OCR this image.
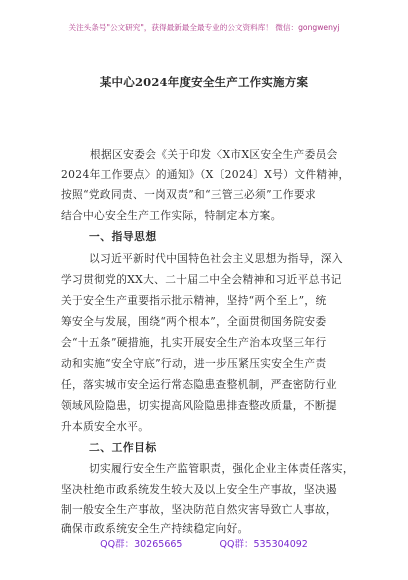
关注头条号"公文研究"，获得最新最全最专业的公文资料库！ 微信：gongwenyj
某中心2024年度安全生产工作实施方案
根据区安委会《关于印发〈X市X区安全生产委员会
2024年工作要点〉的通知》（X〔2024〕X号）文件精神，
按照“党政同责、一岗双责”和“三管三必须”工作要求
结合中心安全生产工作实际，特制定本方案。
一、指导思想
以习近平新时代中国特色社会主义思想为指导，深入
学习贯彻党的XX大、二十届二中全会精神和习近平总书记
关于安全生产重要指示批示精神，坚持“两个至上”，统
筹安全与发展，围绕“两个根本”，全面贯彻国务院安委
会“十五条”硬措施，扎实开展安全生产治本攻坚三年行
动和实施“安全守底”行动，进一步压紧压实安全生产责
任，落实城市安全运行常态隐患查整机制，严查密防行业
领域风险隐患，切实提高风险隐患排查整改质量，不断提
升本质安全水平。
二、工作目标
切实履行安全生产监管职责，强化企业主体责任落实，
坚决杜绝市政系统发生较大及以上安全生产事故，坚决遏
制一般安全生产事故，坚决防范自然灾害导致亡人事故，
确保市政系统安全生产持续稳定向好。
QQ群：30265665	QQ群：535304092
